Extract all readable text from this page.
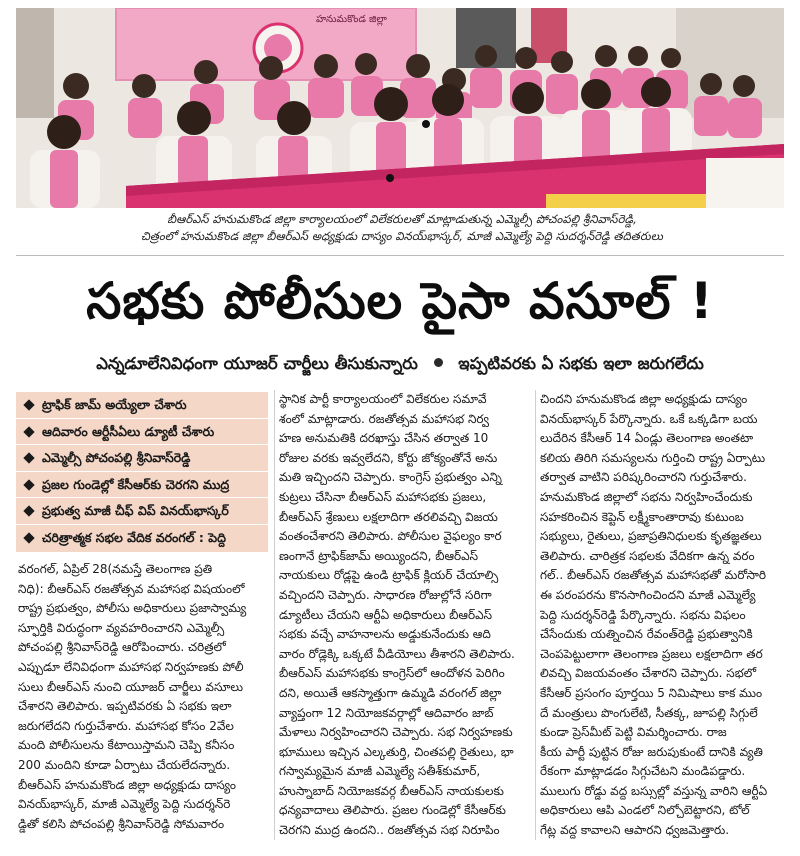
హనుమకొండ జిల్లా
బీఆర్ఎస్ హనుమకొండ జిల్లా కార్యాలయంలో విలేకరులతో మాట్లాడుతున్న ఎమ్మెల్సీ పోచంపల్లి శ్రీనివాస్‌రెడ్డి,
చిత్రంలో హనుమకొండ జిల్లా బీఆర్ఎస్ అధ్యక్షుడు దాస్యం వినయ్‌భాస్కర్, మాజీ ఎమ్మెల్యే పెద్ది సుదర్శన్‌రెడ్డి తదితరులు
సభకు పోలీసుల పైసా వసూల్ !
ఎన్నడూలేనివిధంగా యూజర్ చార్జీలు తీసుకున్నారు ఇప్పటివరకు ఏ సభకు ఇలా జరుగలేదు
ట్రాఫిక్ జామ్ అయ్యేలా చేశారు
ఆదివారం ఆర్టీసీఏలు డ్యూటీ చేశారు
ఎమ్మెల్సీ పోచంపల్లి శ్రీనివాస్‌రెడ్డి
ప్రజల గుండెల్లో కేసీఆర్‌కు చెరగని ముద్ర
ప్రభుత్వ మాజీ చీఫ్ విప్ వినయ్‌భాస్కర్
చరిత్రాత్మక సభల వేదిక వరంగల్ : పెద్ది
వరంగల్, ఏప్రిల్ 28(నమస్తే తెలంగాణ ప్రతి
నిధి): బీఆర్ఎస్ రజతోత్సవ మహాసభ విషయంలో
రాష్ట్ర ప్రభుత్వం, పోలీసు అధికారులు ప్రజాస్వామ్య
స్ఫూర్తికి విరుద్ధంగా వ్యవహరించారని ఎమ్మెల్సీ
పోచంపల్లి శ్రీనివాస్‌రెడ్డి ఆరోపించారు. చరిత్రలో
ఎప్పుడూ లేనివిధంగా మహాసభ నిర్వహణకు పోలీ
సులు బీఆర్ఎస్ నుంచి యూజర్ చార్జీలు వసూలు
చేశారని తెలిపారు. ఇప్పటివరకు ఏ సభకు ఇలా
జరుగలేదని గుర్తుచేశారు. మహాసభ కోసం 2వేల
మంది పోలీసులను కేటాయిస్తామని చెప్పి కనీసం
200 మందిని కూడా ఏర్పాటు చేయలేదన్నారు.
బీఆర్ఎస్ హనుమకొండ జిల్లా అధ్యక్షుడు దాస్యం
వినయ్‌భాస్కర్, మాజీ ఎమ్మెల్యే పెద్ది సుదర్శన్‌రె
డ్డితో కలిసి పోచంపల్లి శ్రీనివాస్‌రెడ్డి సోమవారం
స్థానిక పార్టీ కార్యాలయంలో విలేకరుల సమావే
శంలో మాట్లాడారు. రజతోత్సవ మహాసభ నిర్వ
హణ అనుమతికి దరఖాస్తు చేసిన తర్వాత 10
రోజుల వరకు ఇవ్వలేదని, కోర్టు జోక్యంతోనే అను
మతి ఇచ్చిందని చెప్పారు. కాంగ్రెస్ ప్రభుత్వం ఎన్ని
కుట్రలు చేసినా బీఆర్ఎస్ మహాసభకు ప్రజలు,
బీఆర్ఎస్ శ్రేణులు లక్షలాదిగా తరలివచ్చి విజయ
వంతంచేశారని తెలిపారు. పోలీసుల వైఫల్యం కార
ణంగానే ట్రాఫిక్‌జామ్ అయ్యిందని, బీఆర్ఎస్
నాయకులు రోడ్లపై ఉండి ట్రాఫిక్ క్లియర్ చేయాల్సి
వచ్చిందని చెప్పారు. సాధారణ రోజుల్లోనే సరిగా
డ్యూటీలు చేయని ఆర్టీఏ అధికారులు బీఆర్ఎస్
సభకు వచ్చే వాహనాలను అడ్డుకునేందుకు ఆది
వారం రోడ్లెక్కి ఒక్కటే వీడియోలు తీశారని తెలిపారు.
బీఆర్ఎస్ మహాసభకు కాంగ్రెస్‌లో ఆందోళన పెరిగిం
దని, అయితే ఆకస్మాత్తుగా ఉమ్మడి వరంగల్ జిల్లా
వ్యాప్తంగా 12 నియోజకవర్గాల్లో ఆదివారం జాబ్
మేళాలు నిర్వహించారని చెప్పారు. సభ నిర్వహణకు
భూములు ఇచ్చిన ఎల్కతుర్తి, చింతపల్లి రైతులు, భా
గస్వామ్యమైన మాజీ ఎమ్మెల్యే సతీశ్‌కుమార్,
హుస్నాబాద్ నియోజకవర్గ బీఆర్ఎస్ నాయకులకు
ధన్యవాదాలు తెలిపారు. ప్రజల గుండెల్లో కేసీఆర్‌కు
చెరగని ముద్ర ఉందని.. రజతోత్సవ సభ నిరూపిం
చిందని హనుమకొండ జిల్లా అధ్యక్షుడు దాస్యం
వినయ్‌భాస్కర్ పేర్కొన్నారు. ఒకే ఒక్కడిగా బయ
లుదేరిన కేసీఆర్ 14 ఏండ్లు తెలంగాణ అంతటా
కలియ తిరిగి సమస్యలను గుర్తించి రాష్ట్ర ఏర్పాటు
తర్వాత వాటిని పరిష్కరించారని గుర్తుచేశారు.
హనుమకొండ జిల్లాలో సభను నిర్వహించేందుకు
సహకరించిన కెప్టెన్ లక్ష్మీకాంతారావు కుటుంబ
సభ్యులు, రైతులు, ప్రజాప్రతినిధులకు కృతజ్ఞతలు
తెలిపారు. చారిత్రక సభలకు వేదికగా ఉన్న వరం
గల్.. బీఆర్ఎస్ రజతోత్సవ మహాసభతో మరోసారి
ఈ పరంపరను కొనసాగించిందని మాజీ ఎమ్మెల్యే
పెద్ది సుదర్శన్‌రెడ్డి పేర్కొన్నారు. సభను విఫలం
చేసేందుకు యత్నించిన రేవంత్‌రెడ్డి ప్రభుత్వానికి
చెంపపెట్టులాగా తెలంగాణ ప్రజలు లక్షలాదిగా తర
లివచ్చి విజయవంతం చేశారని చెప్పారు. సభలో
కేసీఆర్ ప్రసంగం పూర్తయి 5 నిమిషాలు కాక ముం
దే మంత్రులు పొంగులేటి, సీతక్క, జూపల్లి సిగ్గులే
కుండా ప్రెస్‌మీట్ పెట్టి విమర్శించారు. రాజ
కీయ పార్టీ పుట్టిన రోజు జరుపుకుంటే దానికి వ్యతి
రేకంగా మాట్లాడడం సిగ్గుచేటని మండిపడ్డారు.
ములుగు రోడ్డు వద్ద బస్సుల్లో వస్తున్న వారిని ఆర్టీఏ
అధికారులు ఆపి ఎండలో నిల్చోబెట్టారని, టోల్
గేట్ల వద్ద కావాలని ఆపారని ధ్వజమెత్తారు.
